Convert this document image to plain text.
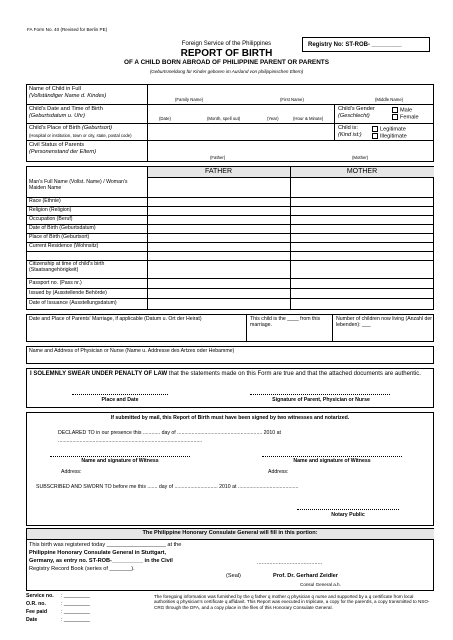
FA Form No. 40 (Revised for Berlin PE)
Foreign Service of the Philippines
REPORT OF BIRTH
Registry No: ST-ROB- _________
OF A CHILD BORN ABROAD OF PHILIPPINE PARENT OR PARENTS
(Geburtsmeldung für Kinder geboren im Ausland von philippinischen Eltern)
Name of Child in Full
(Vollständiger Name d. Kindes)
(Family Name)	(First Name)	(Middle Name)
Child's Date and Time of Birth
(Geburtsdatum u. Uhr)	(Date)	(Month, spell out)	(Year)	(Hour & Minute)
Child's Gender
(Geschlecht)
Male
Female
Child's Place of Birth (Geburtsort)
(Hospital or institution, town or city, state, postal code)
Child is:
(Kind ist:)
Legitimate
Illegitimate
Civil Status of Parents
(Personenstand der Eltern)
(Father)	(Mother)
FATHER	MOTHER
Man's Full Name (Vollst. Name) / Woman's Maiden Name
Race (Ethnie)
Religion (Religion)
Occupation (Beruf)
Date of Birth (Geburtsdatum)
Place of Birth (Geburtsort)
Current Residence (Wohnsitz)
Citizenship at time of child's birth (Staatsangehörigkeit)
Passport no. (Pass nr.)
Issued by (Ausstellende Behörde)
Date of Issuance (Ausstellungsdatum)
Date and Place of Parents' Marriage, if applicable (Datum u. Ort der Heirat)	This child is the ____ from this marriage.
Number of children now living (Anzahl der lebenden): ___
Name and Address of Physician or Nurse (Name u. Addresse des Artzes oder Hebamme)
I SOLEMNLY SWEAR UNDER PENALTY OF LAW that the statements made on this Form are true and that the attached documents are authentic.
Place and Date	Signature of Parent, Physician or Nurse
If submitted by mail, this Report of Birth must have been signed by two witnesses and notarized.
DECLARED TO in our presence this ............ day of ........................................................... 2010 at
....................................................................................................
Name and signature of Witness	Name and signature of Witness
Address:	Address:
SUBSCRIBED AND SWORN TO before me this ....... day of .............................. 2010 at ..........................................
Notary Public
The Philippine Honorary Consulate General will fill in this portion:
This birth was registered today ___________________ at the
Philippine Honorary Consulate General in Stuttgart,
Germany, as entry no. ST-ROB-__________ in the Civil
Registry Record Book (series of _______).
..........................................
(Seal)	Prof. Dr. Gerhard Zeidler
Consul General a.h.
Service no. : _________
O.R. no.	: _________
Fee paid	: _________
Date	: _________
The foregoing information was furnished by the q father q mother q physician q nurse and supported by a q certificate from local authorities q physician's certificate q affidavit. This Report was executed in triplicate, a copy for the parent/s, a copy transmitted to NSO-CRG through the DFA, and a copy place in the files of this Honorary Consulate General.
